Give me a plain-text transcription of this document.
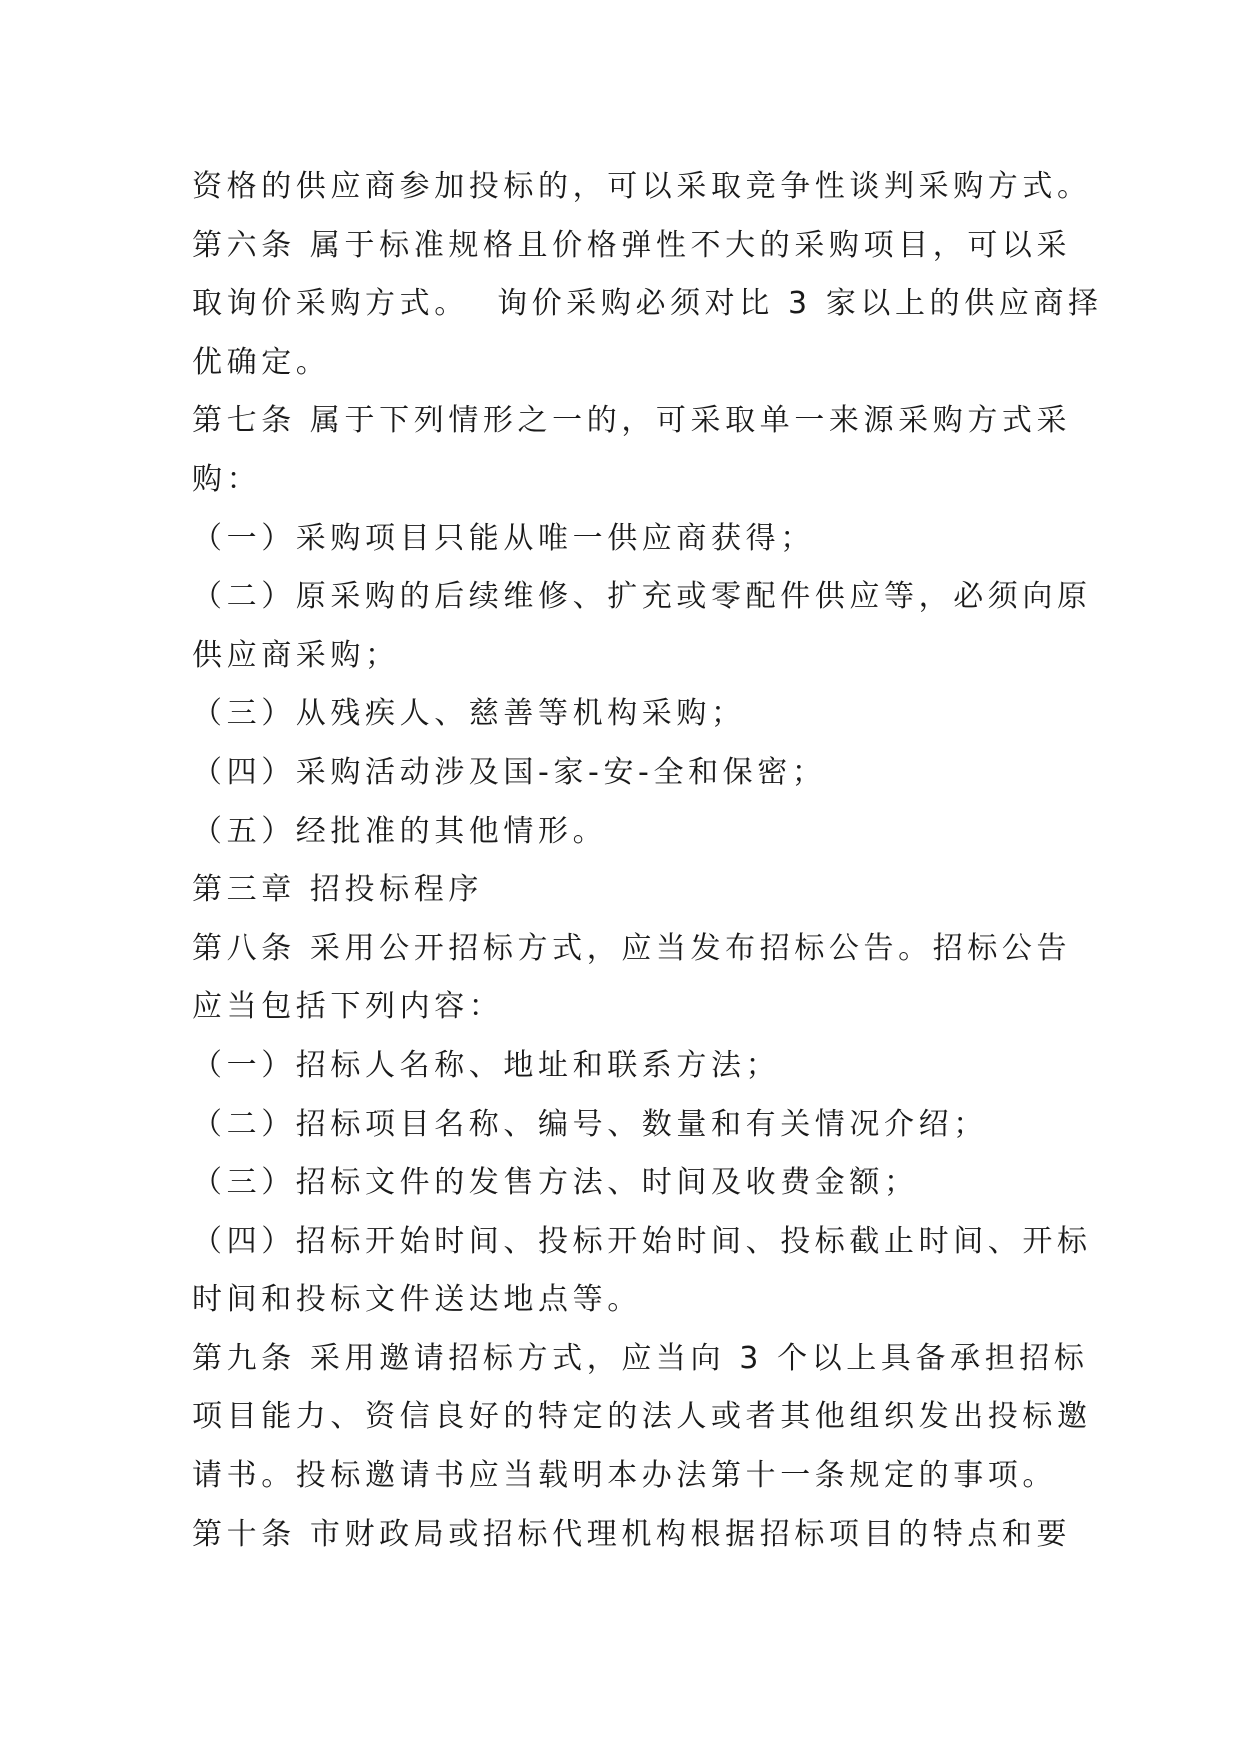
资格的供应商参加投标的，可以采取竞争性谈判采购方式。
第六条 属于标准规格且价格弹性不大的采购项目，可以采
取询价采购方式。  询价采购必须对比 3 家以上的供应商择
优确定。
第七条 属于下列情形之一的，可采取单一来源采购方式采
购：
（一）采购项目只能从唯一供应商获得；
（二）原采购的后续维修、扩充或零配件供应等，必须向原
供应商采购；
（三）从残疾人、慈善等机构采购；
（四）采购活动涉及国-家-安-全和保密；
（五）经批准的其他情形。
第三章 招投标程序
第八条 采用公开招标方式，应当发布招标公告。招标公告
应当包括下列内容：
（一）招标人名称、地址和联系方法；
（二）招标项目名称、编号、数量和有关情况介绍；
（三）招标文件的发售方法、时间及收费金额；
（四）招标开始时间、投标开始时间、投标截止时间、开标
时间和投标文件送达地点等。
第九条 采用邀请招标方式，应当向 3 个以上具备承担招标
项目能力、资信良好的特定的法人或者其他组织发出投标邀
请书。投标邀请书应当载明本办法第十一条规定的事项。
第十条 市财政局或招标代理机构根据招标项目的特点和要
